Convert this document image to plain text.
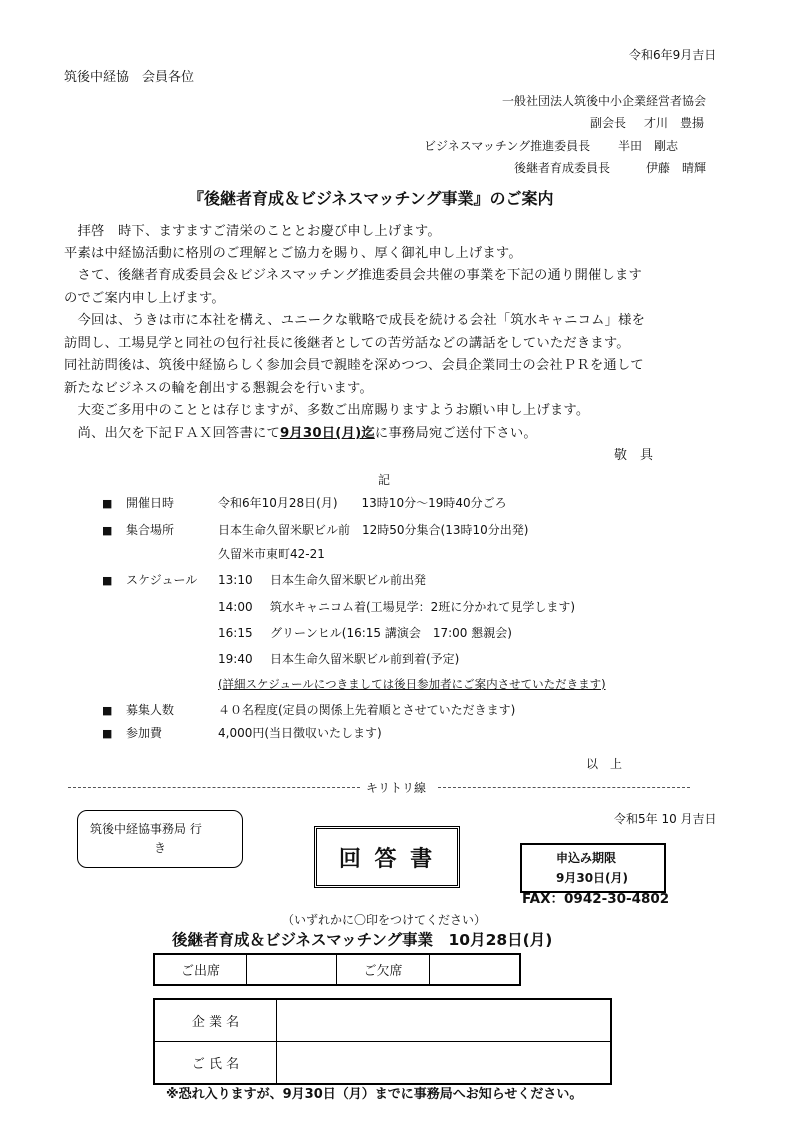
令和6年9月吉日
筑後中経協　会員各位
一般社団法人筑後中小企業経営者協会
副会長 才川　豊揚
ビジネスマッチング推進委員長 半田　剛志
後継者育成委員長	伊藤　晴輝
『後継者育成＆ビジネスマッチング事業』のご案内
　拝啓　時下、ますますご清栄のこととお慶び申し上げます。
平素は中経協活動に格別のご理解とご協力を賜り、厚く御礼申し上げます。
　さて、後継者育成委員会＆ビジネスマッチング推進委員会共催の事業を下記の通り開催します
のでご案内申し上げます。
　今回は、うきは市に本社を構え、ユニークな戦略で成長を続ける会社「筑水キャニコム」様を
訪問し、工場見学と同社の包行社長に後継者としての苦労話などの講話をしていただきます。
同社訪問後は、筑後中経協らしく参加会員で親睦を深めつつ、会員企業同士の会社ＰＲを通して
新たなビジネスの輪を創出する懇親会を行います。
　大変ご多用中のこととは存じますが、多数ご出席賜りますようお願い申し上げます。
　尚、出欠を下記ＦＡＸ回答書にて9月30日(月)迄に事務局宛ご送付下さい。
敬　具
記
■ 開催日時	令和6年10月28日(月)　　13時10分～19時40分ごろ
■ 集合場所	日本生命久留米駅ビル前　12時50分集合(13時10分出発)
久留米市東町42-21
■ スケジュール 13:10 日本生命久留米駅ビル前出発
14:00 筑水キャニコム着(工場見学：2班に分かれて見学します)
16:15 グリーンヒル(16:15 講演会　17:00 懇親会)
19:40 日本生命久留米駅ビル前到着(予定)
(詳細スケジュールにつきましては後日参加者にご案内させていただきます)
■ 募集人数	４０名程度(定員の関係上先着順とさせていただきます)
■ 参加費	4,000円(当日徴収いたします)
以　上
キリトリ線
令和5年 10 月吉日
筑後中経協事務局 行
き	回 答 書	申込み期限
9月30日(月)
FAX：0942-30-4802
（いずれかに〇印をつけてください）
後継者育成＆ビジネスマッチング事業　10月28日(月)
ご出席	ご欠席
企 業 名
ご 氏 名
※恐れ入りますが、9月30日（月）までに事務局へお知らせください。
